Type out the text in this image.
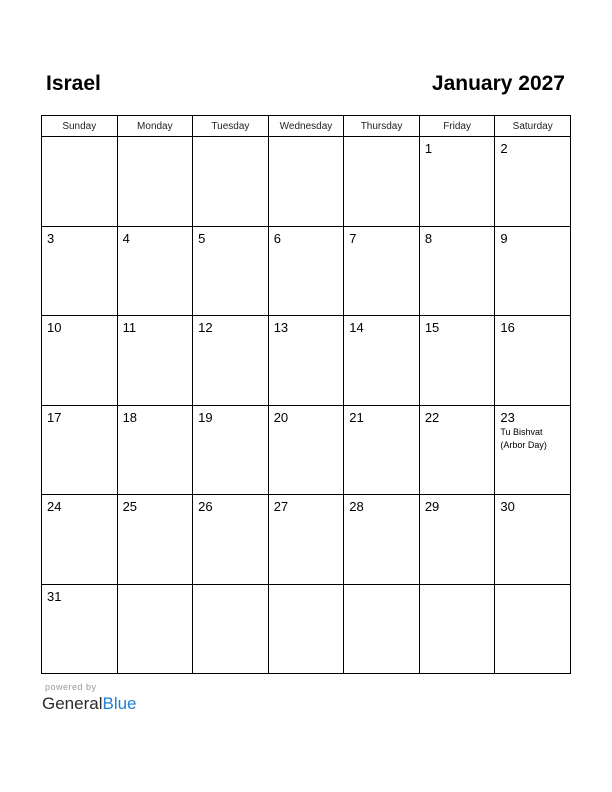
Israel	January 2027
Sunday	Monday	Tuesday	Wednesday	Thursday	Friday	Saturday

					1	2

3	4	5	6	7	8	9

10	11	12	13	14	15	16

17	18	19	20	21	22	23
Tu Bishvat
(Arbor Day)

24	25	26	27	28	29	30

31						

powered by
GeneralBlue
